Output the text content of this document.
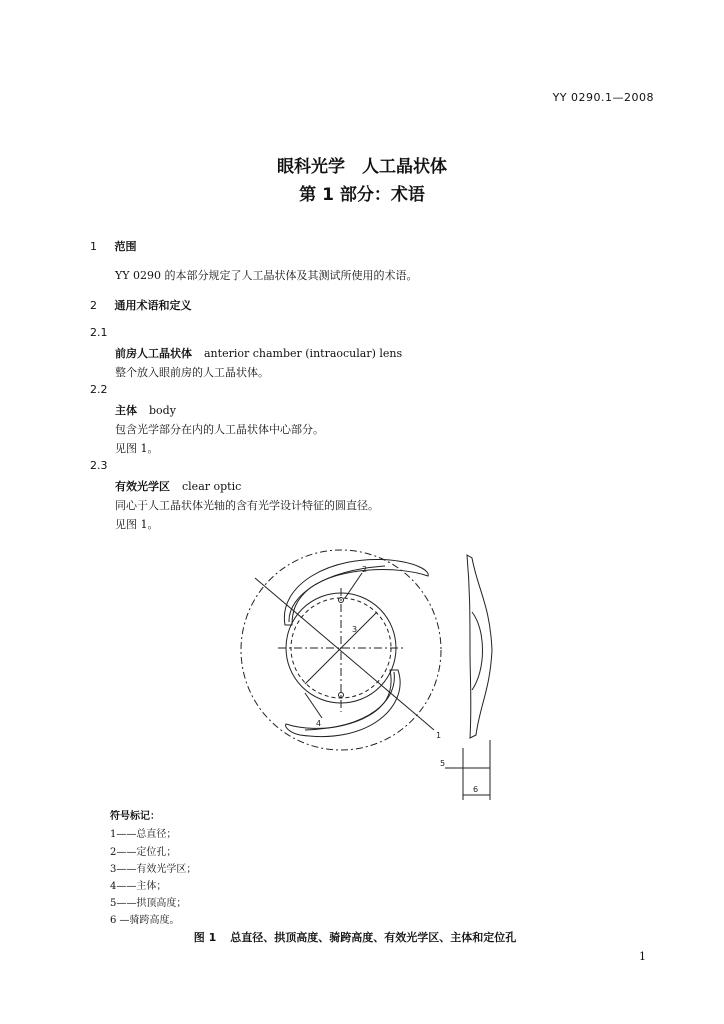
YY 0290.1—2008
眼科光学　人工晶状体
第 1 部分：术语
1 范围
YY 0290 的本部分规定了人工晶状体及其测试所使用的术语。
2 通用术语和定义
2.1
前房人工晶状体 anterior chamber (intraocular) lens
整个放入眼前房的人工晶状体。
2.2
主体 body
包含光学部分在内的人工晶状体中心部分。
见图 1。
2.3
有效光学区 clear optic
同心于人工晶状体光轴的含有光学设计特征的圆直径。
见图 1。
2
3
4
1
5
6
符号标记：
1——总直径；
2——定位孔；
3——有效光学区；
4——主体；
5——拱顶高度；
6 —骑跨高度。
图 1 总直径、拱顶高度、骑跨高度、有效光学区、主体和定位孔
1
